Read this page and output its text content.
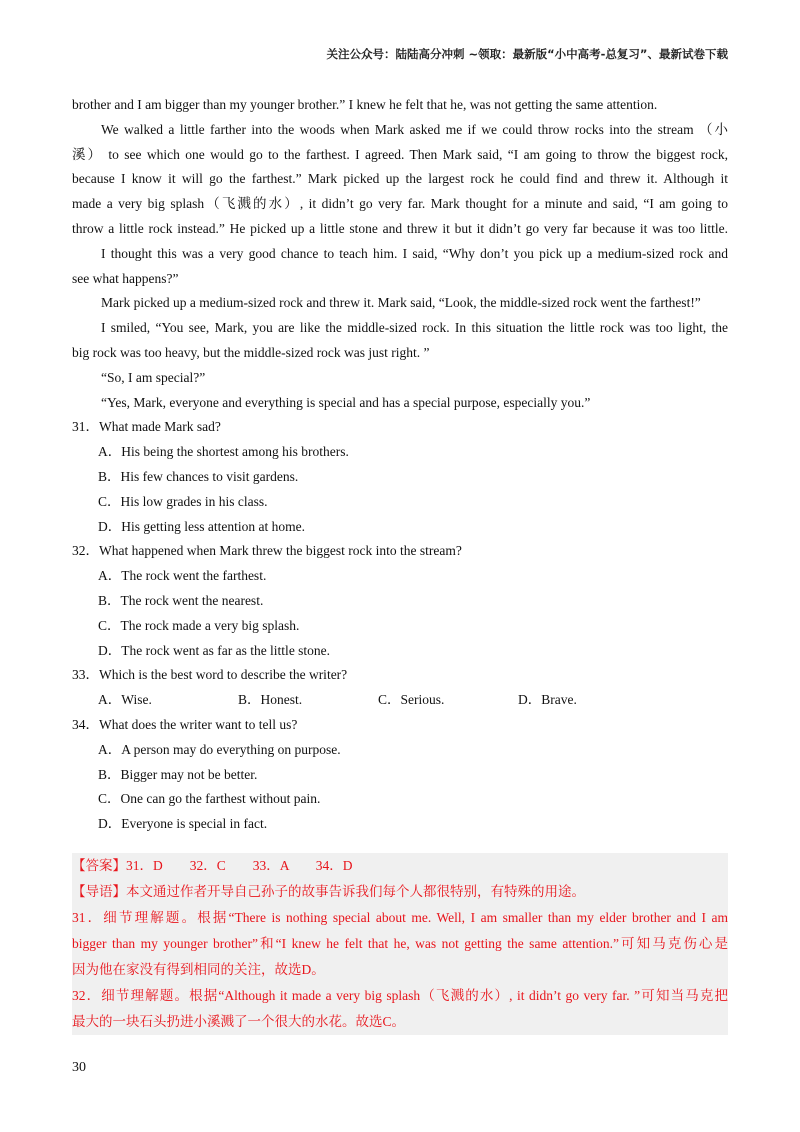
关注公众号：陆陆高分冲刺 ~领取：最新版“小中高考-总复习”、最新试卷下载
brother and I am bigger than my younger brother.” I knew he felt that he, was not getting the same attention.
We walked a little farther into the woods when Mark asked me if we could throw rocks into the stream （小
溪） to see which one would go to the farthest. I agreed. Then Mark said, “I am going to throw the biggest rock,
because I know it will go the farthest.” Mark picked up the largest rock he could find and threw it. Although it
made a very big splash（飞溅的水）, it didn’t go very far. Mark thought for a minute and said, “I am going to
throw a little rock instead.” He picked up a little stone and threw it but it didn’t go very far because it was too little.
I thought this was a very good chance to teach him. I said, “Why don’t you pick up a medium-sized rock and
see what happens?”
Mark picked up a medium-sized rock and threw it. Mark said, “Look, the middle-sized rock went the farthest!”
I smiled, “You see, Mark, you are like the middle-sized rock. In this situation the little rock was too light, the
big rock was too heavy, but the middle-sized rock was just right. ”
“So, I am special?”
“Yes, Mark, everyone and everything is special and has a special purpose, especially you.”
31．What made Mark sad?
A．His being the shortest among his brothers.
B．His few chances to visit gardens.
C．His low grades in his class.
D．His getting less attention at home.
32．What happened when Mark threw the biggest rock into the stream?
A．The rock went the farthest.
B．The rock went the nearest.
C．The rock made a very big splash.
D．The rock went as far as the little stone.
33．Which is the best word to describe the writer?
A．Wise.	B．Honest.	C．Serious.	D．Brave.
34．What does the writer want to tell us?
A．A person may do everything on purpose.
B．Bigger may not be better.
C．One can go the farthest without pain.
D．Everyone is special in fact.
【答案】31．D　　32．C　　33．A　　34．D
【导语】本文通过作者开导自己孙子的故事告诉我们每个人都很特别，有特殊的用途。
31．细节理解题。根据“There is nothing special about me. Well, I am smaller than my elder brother and I am
bigger than my younger brother”和“I knew he felt that he, was not getting the same attention.”可知马克伤心是
因为他在家没有得到相同的关注，故选D。
32．细节理解题。根据“Although it made a very big splash（飞溅的水）, it didn’t go very far. ”可知当马克把
最大的一块石头扔进小溪溅了一个很大的水花。故选C。
30
